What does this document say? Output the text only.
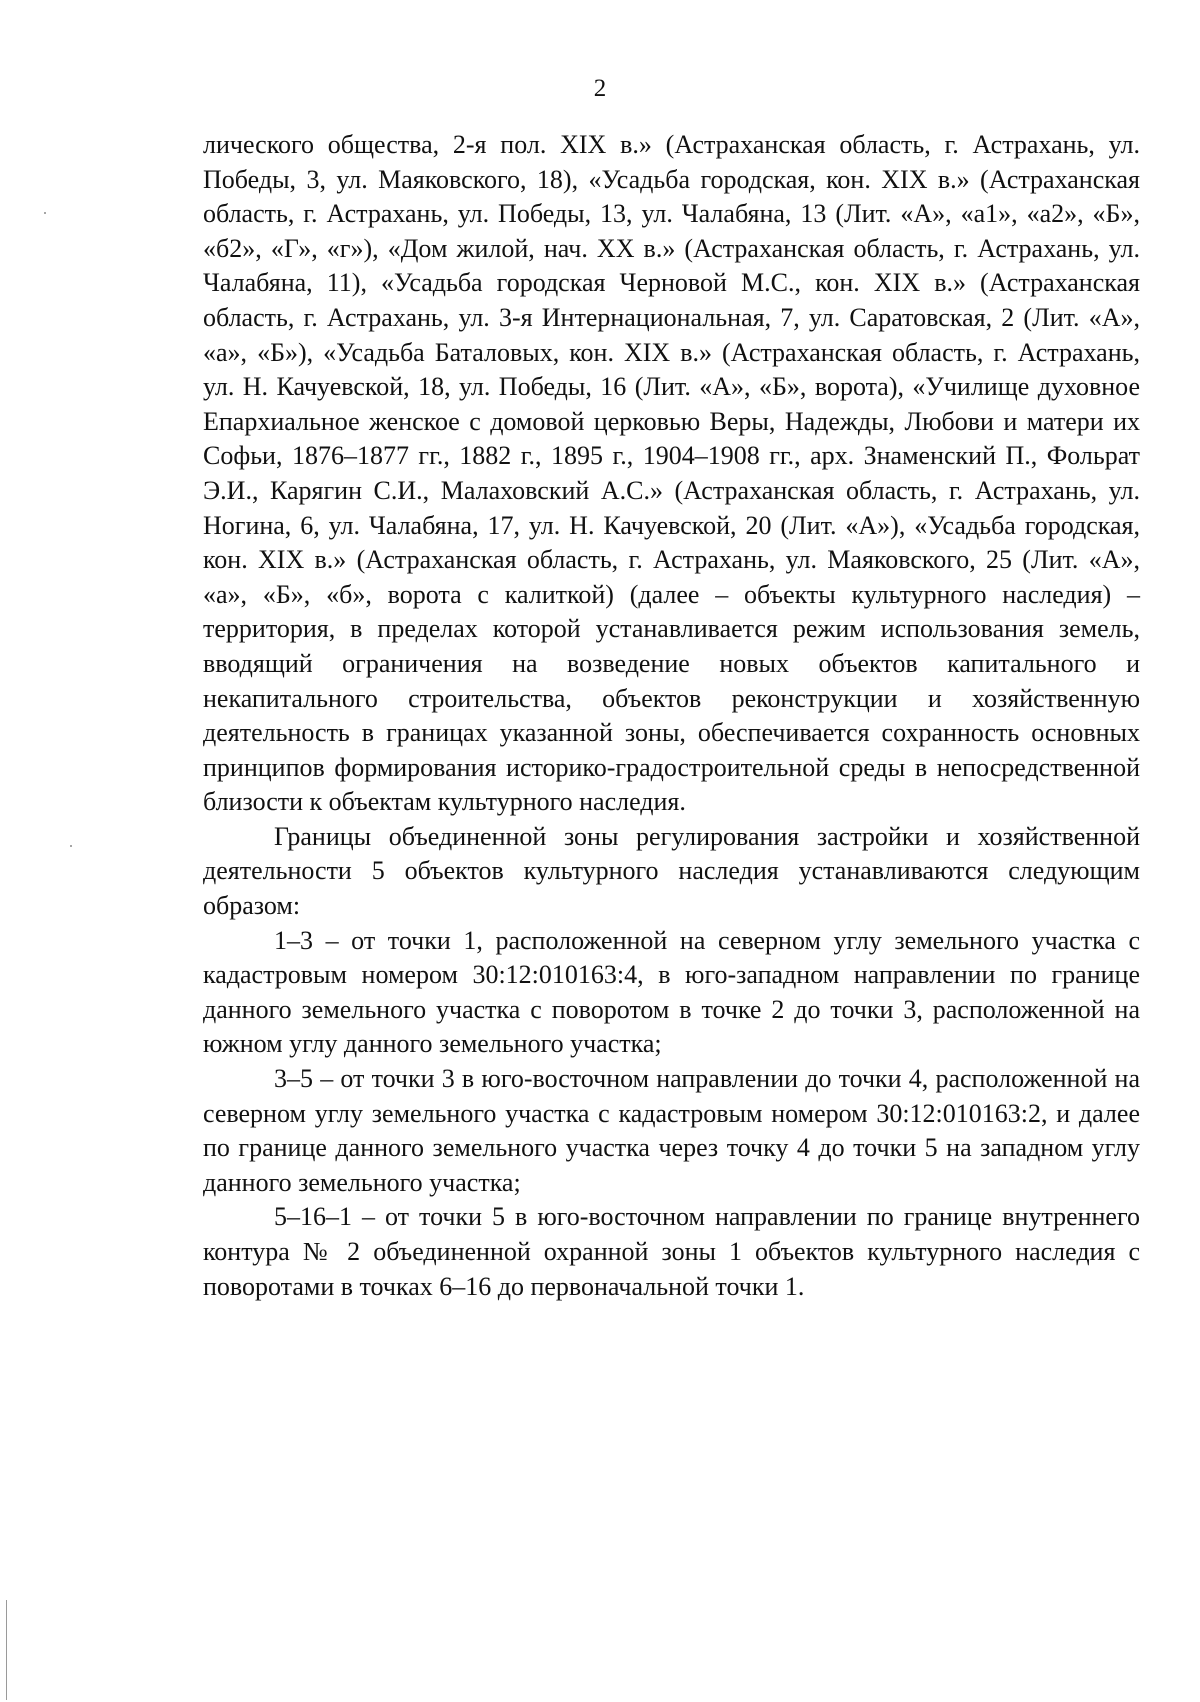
2

лического общества, 2-я пол. XIX в.» (Астраханская область, г. Астрахань, ул. Победы, 3, ул. Маяковского, 18), «Усадьба городская, кон. XIX в.» (Астраханская область, г. Астрахань, ул. Победы, 13, ул. Чалабяна, 13 (Лит. «А», «а1», «а2», «Б», «б2», «Г», «г»), «Дом жилой, нач. XX в.» (Астраханская область, г. Астрахань, ул. Чалабяна, 11), «Усадьба городская Черновой М.С., кон. XIX в.» (Астраханская область, г. Астрахань, ул. 3-я Интернациональная, 7, ул. Саратовская, 2 (Лит. «А», «а», «Б»), «Усадьба Баталовых, кон. XIX в.» (Астраханская область, г. Астрахань, ул. Н. Качуевской, 18, ул. Победы, 16 (Лит. «А», «Б», ворота), «Училище духовное Епархиальное женское с домовой церковью Веры, Надежды, Любови и матери их Софьи, 1876–1877 гг., 1882 г., 1895 г., 1904–1908 гг., арх. Знаменский П., Фольрат Э.И., Карягин С.И., Малаховский А.С.» (Астраханская область, г. Астрахань, ул. Ногина, 6, ул. Чалабяна, 17, ул. Н. Качуевской, 20 (Лит. «А»), «Усадьба городская, кон. XIX в.» (Астраханская область, г. Астрахань, ул. Маяковского, 25 (Лит. «А», «а», «Б», «б», ворота с калиткой) (далее – объекты культурного наследия) – территория, в пределах которой устанавливается режим использования земель, вводящий ограничения на возведение новых объектов капитального и некапитального строительства, объектов реконструкции и хозяйственную деятельность в границах указанной зоны, обеспечивается сохранность основных принципов формирования историко-градостроительной среды в непосредственной близости к объектам культурного наследия.

Границы объединенной зоны регулирования застройки и хозяйственной деятельности 5 объектов культурного наследия устанавливаются следующим образом:

1–3 – от точки 1, расположенной на северном углу земельного участка с кадастровым номером 30:12:010163:4, в юго-западном направлении по границе данного земельного участка с поворотом в точке 2 до точки 3, расположенной на южном углу данного земельного участка;

3–5 – от точки 3 в юго-восточном направлении до точки 4, расположенной на северном углу земельного участка с кадастровым номером 30:12:010163:2, и далее по границе данного земельного участка через точку 4 до точки 5 на западном углу данного земельного участка;

5–16–1 – от точки 5 в юго-восточном направлении по границе внутреннего контура № 2 объединенной охранной зоны 1 объектов культурного наследия с поворотами в точках 6–16 до первоначальной точки 1.
